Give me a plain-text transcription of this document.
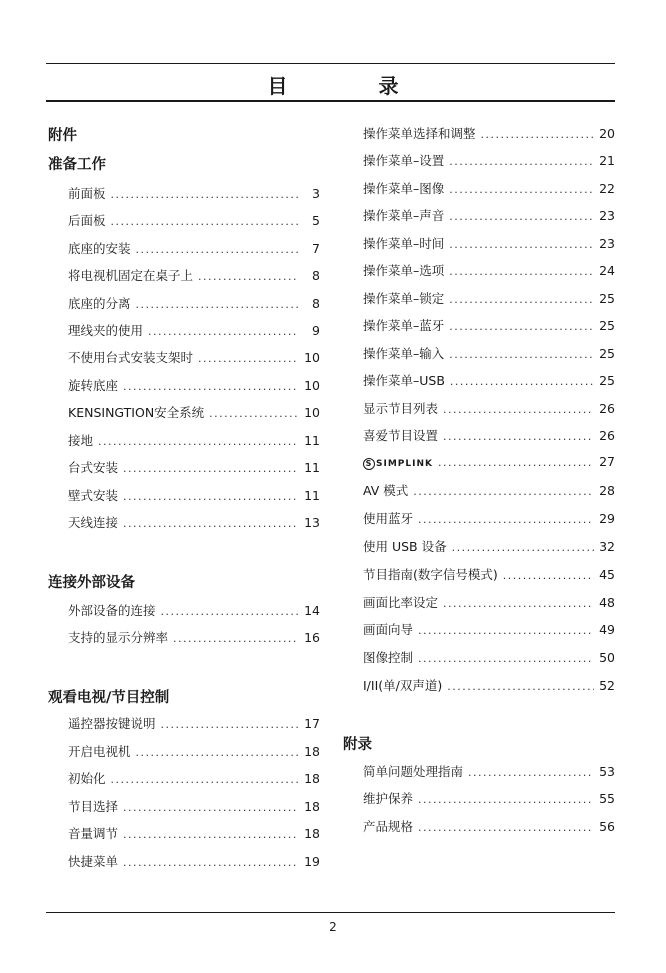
目 录
附件
准备工作
前面板 .....	3
后面板 .....	5
底座的安装 .....	7
将电视机固定在桌子上 .....	8
底座的分离 .....	8
理线夹的使用 .....	9
不使用台式安装支架时 .....	10
旋转底座 .....	10
KENSINGTION安全系统 .....	10
接地 .....	11
台式安装 .....	11
壁式安装 .....	11
天线连接 .....	13
连接外部设备
外部设备的连接 .....	14
支持的显示分辨率 .....	16
观看电视/节目控制
遥控器按键说明 .....	17
开启电视机 .....	18
初始化 .....	18
节目选择 .....	18
音量调节 .....	18
快捷菜单 .....	19
操作菜单选择和调整 .....	20
操作菜单–设置 .....	21
操作菜单–图像 .....	22
操作菜单–声音 .....	23
操作菜单–时间 .....	23
操作菜单–选项 .....	24
操作菜单–锁定 .....	25
操作菜单–蓝牙 .....	25
操作菜单–输入 .....	25
操作菜单–USB .....	25
显示节目列表 .....	26
喜爱节目设置 .....	26
S SIMPLINK .....	27
AV 模式 .....	28
使用蓝牙 .....	29
使用 USB 设备 .....	32
节目指南(数字信号模式) .....	45
画面比率设定 .....	48
画面向导 .....	49
图像控制 .....	50
I/II(单/双声道) .....	52
附录
简单问题处理指南 .....	53
维护保养 .....	55
产品规格 .....	56
2
